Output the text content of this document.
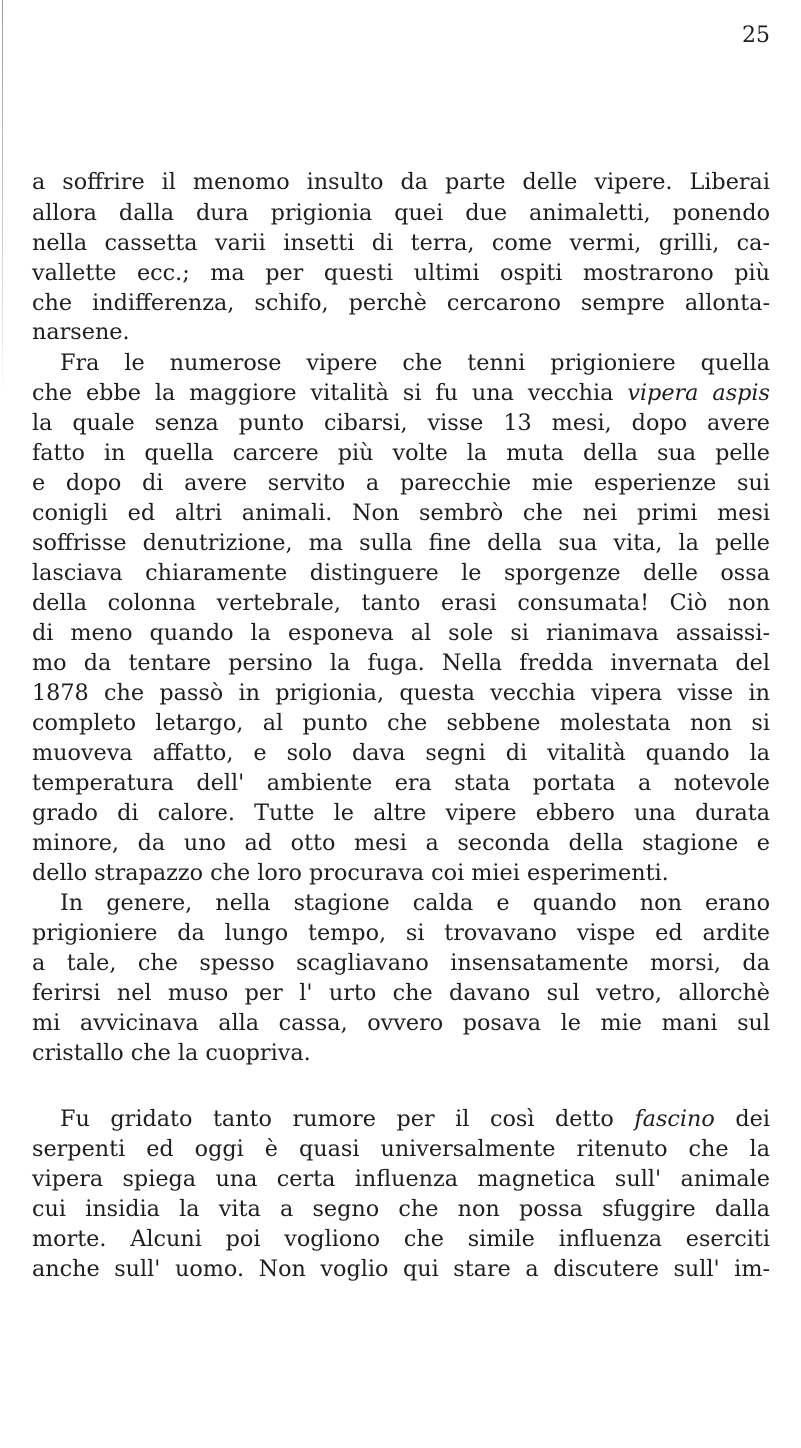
25
a soffrire il menomo insulto da parte delle vipere. Liberai
allora dalla dura prigionia quei due animaletti, ponendo
nella cassetta varii insetti di terra, come vermi, grilli, ca-
vallette ecc.; ma per questi ultimi ospiti mostrarono più
che indifferenza, schifo, perchè cercarono sempre allonta-
narsene.
Fra le numerose vipere che tenni prigioniere quella
che ebbe la maggiore vitalità si fu una vecchia vipera aspis
la quale senza punto cibarsi, visse 13 mesi, dopo avere
fatto in quella carcere più volte la muta della sua pelle
e dopo di avere servito a parecchie mie esperienze sui
conigli ed altri animali. Non sembrò che nei primi mesi
soffrisse denutrizione, ma sulla fine della sua vita, la pelle
lasciava chiaramente distinguere le sporgenze delle ossa
della colonna vertebrale, tanto erasi consumata! Ciò non
di meno quando la esponeva al sole si rianimava assaissi-
mo da tentare persino la fuga. Nella fredda invernata del
1878 che passò in prigionia, questa vecchia vipera visse in
completo letargo, al punto che sebbene molestata non si
muoveva affatto, e solo dava segni di vitalità quando la
temperatura dell' ambiente era stata portata a notevole
grado di calore. Tutte le altre vipere ebbero una durata
minore, da uno ad otto mesi a seconda della stagione e
dello strapazzo che loro procurava coi miei esperimenti.
In genere, nella stagione calda e quando non erano
prigioniere da lungo tempo, si trovavano vispe ed ardite
a tale, che spesso scagliavano insensatamente morsi, da
ferirsi nel muso per l' urto che davano sul vetro, allorchè
mi avvicinava alla cassa, ovvero posava le mie mani sul
cristallo che la cuopriva.
Fu gridato tanto rumore per il così detto fascino dei
serpenti ed oggi è quasi universalmente ritenuto che la
vipera spiega una certa influenza magnetica sull' animale
cui insidia la vita a segno che non possa sfuggire dalla
morte. Alcuni poi vogliono che simile influenza eserciti
anche sull' uomo. Non voglio qui stare a discutere sull' im-
